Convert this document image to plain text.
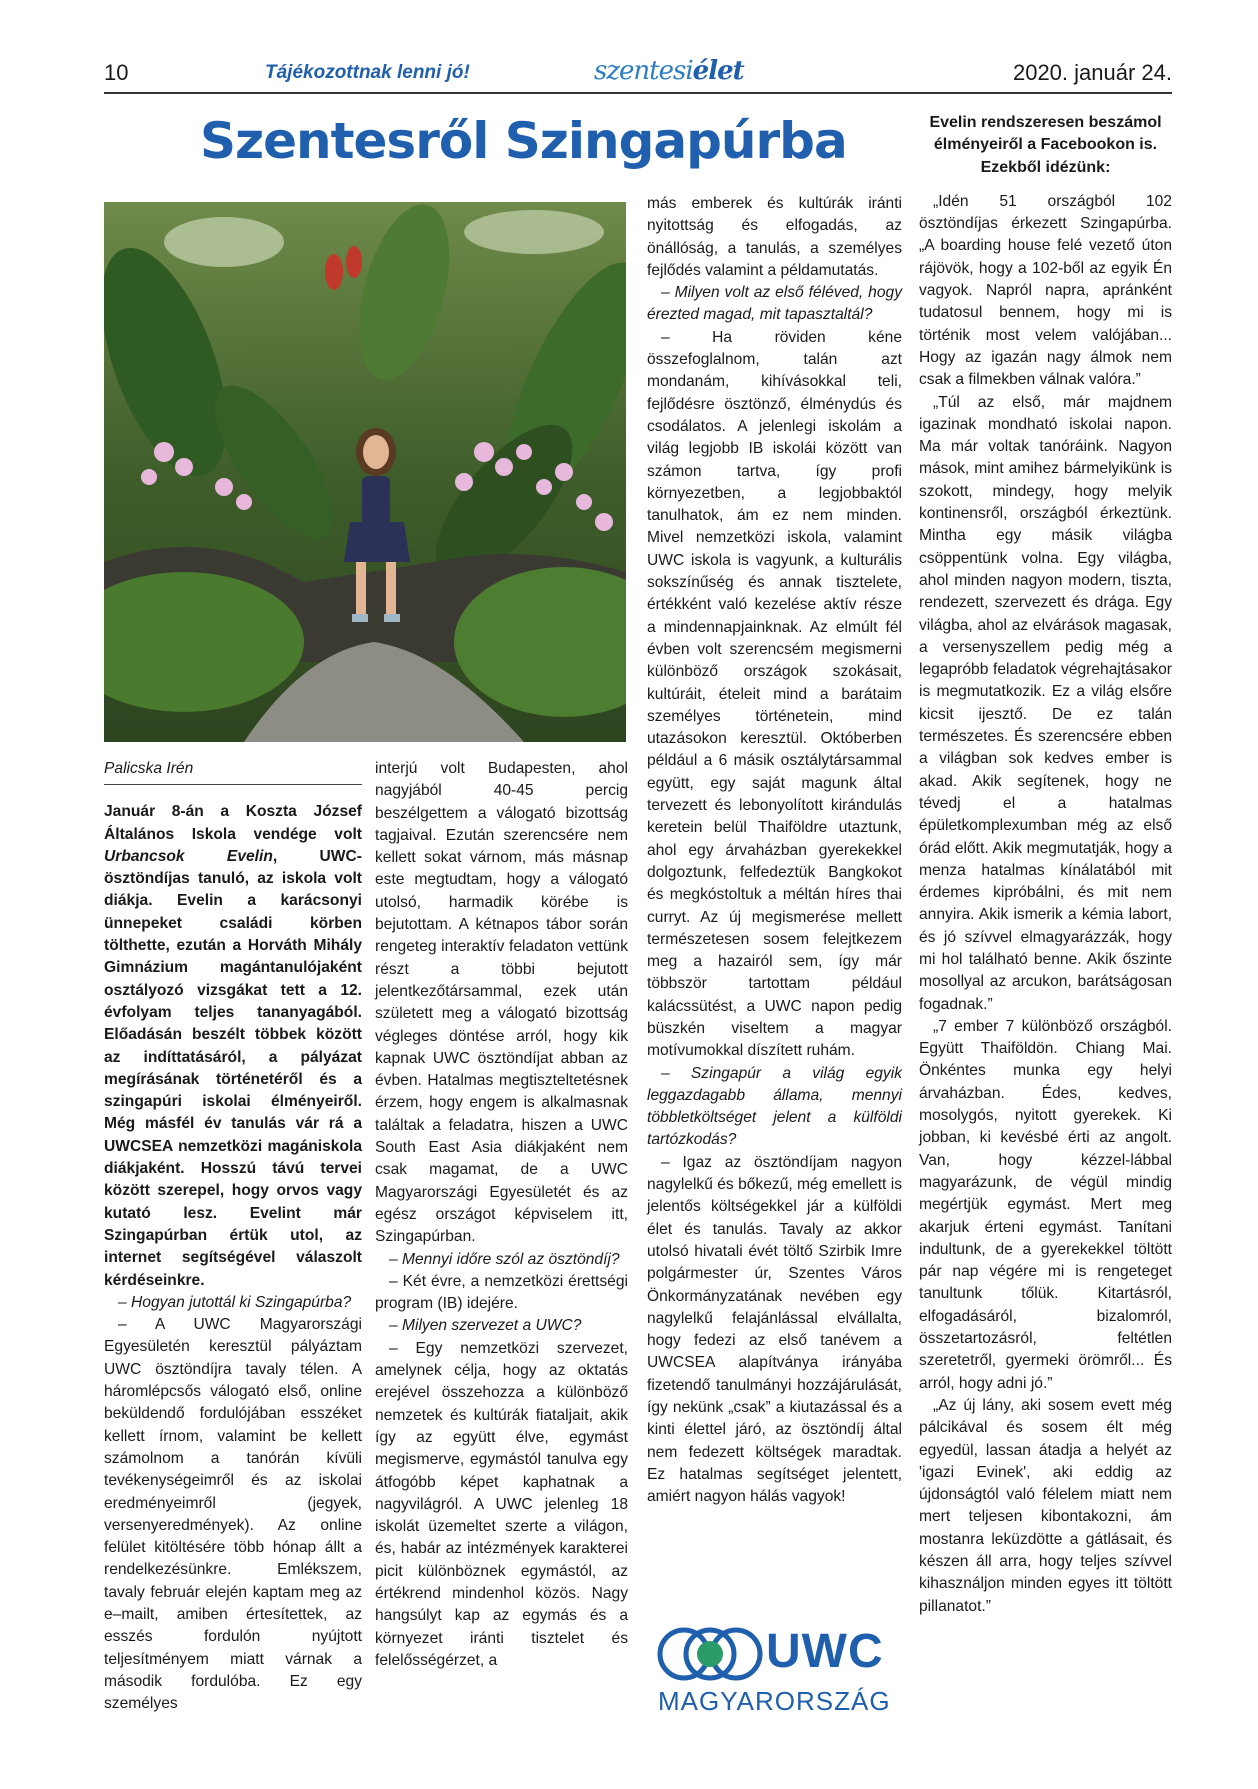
10	Tájékozottnak lenni jó!	szentesiélet	2020. január 24.
Szentesről Szingapúrba
Palicska Irén

Január 8-án a Koszta József Általános Iskola vendége volt Urbancsok Evelin, UWC-ösztöndíjas tanuló, az iskola volt diákja. Evelin a karácsonyi ünnepeket családi körben tölthette, ezután a Horváth Mihály Gimnázium magántanulójaként osztályozó vizsgákat tett a 12. évfolyam teljes tananyagából. Előadásán beszélt többek között az indíttatásáról, a pályázat megírásának történetéről és a szingapúri iskolai élményeiről. Még másfél év tanulás vár rá a UWCSEA nemzetközi magániskola diákjaként. Hosszú távú tervei között szerepel, hogy orvos vagy kutató lesz. Evelint már Szingapúrban értük utol, az internet segítségével válaszolt kérdéseinkre.

– Hogyan jutottál ki Szingapúrba?

– A UWC Magyarországi Egyesületén keresztül pályáztam UWC ösztöndíjra tavaly télen. A háromlépcsős válogató első, online beküldendő fordulójában esszéket kellett írnom, valamint be kellett számolnom a tanórán kívüli tevékenységeimről és az iskolai eredményeimről (jegyek, versenyeredmények). Az online felület kitöltésére több hónap állt a rendelkezésünkre. Emlékszem, tavaly február elején kaptam meg az e–mailt, amiben értesítettek, az esszés fordulón nyújtott teljesítményem miatt várnak a második fordulóba. Ez egy személyes

interjú volt Budapesten, ahol nagyjából 40-45 percig beszélgettem a válogató bizottság tagjaival. Ezután szerencsére nem kellett sokat várnom, más másnap este megtudtam, hogy a válogató utolsó, harmadik körébe is bejutottam. A kétnapos tábor során rengeteg interaktív feladaton vettünk részt a többi bejutott jelentkezőtársammal, ezek után született meg a válogató bizottság végleges döntése arról, hogy kik kapnak UWC ösztöndíjat abban az évben. Hatalmas megtiszteltetésnek érzem, hogy engem is alkalmasnak találtak a feladatra, hiszen a UWC South East Asia diákjaként nem csak magamat, de a UWC Magyarországi Egyesületét és az egész országot képviselem itt, Szingapúrban.

– Mennyi időre szól az ösztöndíj?

– Két évre, a nemzetközi érettségi program (IB) idejére.

– Milyen szervezet a UWC?

– Egy nemzetközi szervezet, amelynek célja, hogy az oktatás erejével összehozza a különböző nemzetek és kultúrák fiataljait, akik így az együtt élve, egymást megismerve, egymástól tanulva egy átfogóbb képet kaphatnak a nagyvilágról. A UWC jelenleg 18 iskolát üzemeltet szerte a világon, és, habár az intézmények karakterei picit különböznek egymástól, az értékrend mindenhol közös. Nagy hangsúlyt kap az egymás és a környezet iránti tisztelet és felelősségérzet, a

más emberek és kultúrák iránti nyitottság és elfogadás, az önállóság, a tanulás, a személyes fejlődés valamint a példamutatás.

– Milyen volt az első féléved, hogy érezted magad, mit tapasztaltál?

– Ha röviden kéne összefoglalnom, talán azt mondanám, kihívásokkal teli, fejlődésre ösztönző, élménydús és csodálatos. A jelenlegi iskolám a világ legjobb IB iskolái között van számon tartva, így profi környezetben, a legjobbaktól tanulhatok, ám ez nem minden. Mivel nemzetközi iskola, valamint UWC iskola is vagyunk, a kulturális sokszínűség és annak tisztelete, értékként való kezelése aktív része a mindennapjainknak. Az elmúlt fél évben volt szerencsém megismerni különböző országok szokásait, kultúráit, ételeit mind a barátaim személyes történetein, mind utazásokon keresztül. Októberben például a 6 másik osztálytársammal együtt, egy saját magunk által tervezett és lebonyolított kirándulás keretein belül Thaiföldre utaztunk, ahol egy árvaházban gyerekekkel dolgoztunk, felfedeztük Bangkokot és megkóstoltuk a méltán híres thai curryt. Az új megismerése mellett természetesen sosem felejtkezem meg a hazairól sem, így már többször tartottam például kalácssütést, a UWC napon pedig büszkén viseltem a magyar motívumokkal díszített ruhám.

– Szingapúr a világ egyik leggazdagabb állama, mennyi többletköltséget jelent a külföldi tartózkodás?

– Igaz az ösztöndíjam nagyon nagylelkű és bőkezű, még emellett is jelentős költségekkel jár a külföldi élet és tanulás. Tavaly az akkor utolsó hivatali évét töltő Szirbik Imre polgármester úr, Szentes Város Önkormányzatának nevében egy nagylelkű felajánlással elvállalta, hogy fedezi az első tanévem a UWCSEA alapítványa irányába fizetendő tanulmányi hozzájárulását, így nekünk „csak” a kiutazással és a kinti élettel járó, az ösztöndíj által nem fedezett költségek maradtak. Ez hatalmas segítséget jelentett, amiért nagyon hálás vagyok!

Evelin rendszeresen beszámol élményeiről a Facebookon is. Ezekből idézünk:

„Idén 51 országból 102 ösztöndíjas érkezett Szingapúrba. „A boarding house felé vezető úton rájövök, hogy a 102-ből az egyik Én vagyok. Napról napra, apránként tudatosul bennem, hogy mi is történik most velem valójában... Hogy az igazán nagy álmok nem csak a filmekben válnak valóra.”

„Túl az első, már majdnem igazinak mondható iskolai napon. Ma már voltak tanóráink. Nagyon mások, mint amihez bármelyikünk is szokott, mindegy, hogy melyik kontinensről, országból érkeztünk. Mintha egy másik világba csöppentünk volna. Egy világba, ahol minden nagyon modern, tiszta, rendezett, szervezett és drága. Egy világba, ahol az elvárások magasak, a versenyszellem pedig még a legapróbb feladatok végrehajtásakor is megmutatkozik. Ez a világ elsőre kicsit ijesztő. De ez talán természetes. És szerencsére ebben a világban sok kedves ember is akad. Akik segítenek, hogy ne tévedj el a hatalmas épületkomplexumban még az első órád előtt. Akik megmutatják, hogy a menza hatalmas kínálatából mit érdemes kipróbálni, és mit nem annyira. Akik ismerik a kémia labort, és jó szívvel elmagyarázzák, hogy mi hol található benne. Akik őszinte mosollyal az arcukon, barátságosan fogadnak.”

„7 ember 7 különböző országból. Együtt Thaiföldön. Chiang Mai. Önkéntes munka egy helyi árvaházban. Édes, kedves, mosolygós, nyitott gyerekek. Ki jobban, ki kevésbé érti az angolt. Van, hogy kézzel-lábbal magyarázunk, de végül mindig megértjük egymást. Mert meg akarjuk érteni egymást. Tanítani indultunk, de a gyerekekkel töltött pár nap végére mi is rengeteget tanultunk tőlük. Kitartásról, elfogadásáról, bizalomról, összetartozásról, feltétlen szeretetről, gyermeki örömről... És arról, hogy adni jó.”

„Az új lány, aki sosem evett még pálcikával és sosem élt még egyedül, lassan átadja a helyét az 'igazi Evinek', aki eddig az újdonságtól való félelem miatt nem mert teljesen kibontakozni, ám mostanra leküzdötte a gátlásait, és készen áll arra, hogy teljes szívvel kihasználjon minden egyes itt töltött pillanatot.”

UWC
MAGYARORSZÁG
